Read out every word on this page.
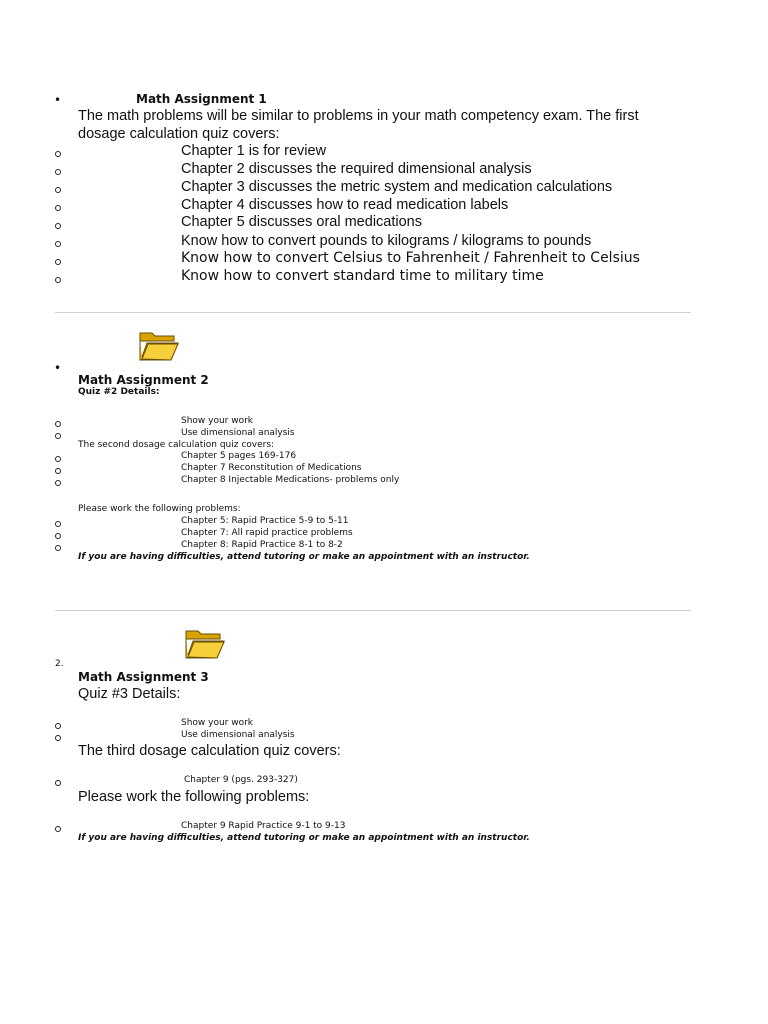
•	Math Assignment 1
The math problems will be similar to problems in your math competency exam. The first
dosage calculation quiz covers:
Chapter 1 is for review
Chapter 2 discusses the required dimensional analysis
Chapter 3 discusses the metric system and medication calculations
Chapter 4 discusses how to read medication labels
Chapter 5 discusses oral medications
Know how to convert pounds to kilograms / kilograms to pounds
Know how to convert Celsius to Fahrenheit / Fahrenheit to Celsius
Know how to convert standard time to military time
•
Math Assignment 2
Quiz #2 Details:
Show your work
Use dimensional analysis
The second dosage calculation quiz covers:
Chapter 5 pages 169-176
Chapter 7 Reconstitution of Medications
Chapter 8 Injectable Medications- problems only
Please work the following problems:
Chapter 5: Rapid Practice 5-9 to 5-11
Chapter 7: All rapid practice problems
Chapter 8: Rapid Practice 8-1 to 8-2
If you are having difficulties, attend tutoring or make an appointment with an instructor.
2.
Math Assignment 3
Quiz #3 Details:
Show your work
Use dimensional analysis
The third dosage calculation quiz covers:
Chapter 9 (pgs. 293-327)
Please work the following problems:
Chapter 9 Rapid Practice 9-1 to 9-13
If you are having difficulties, attend tutoring or make an appointment with an instructor.
